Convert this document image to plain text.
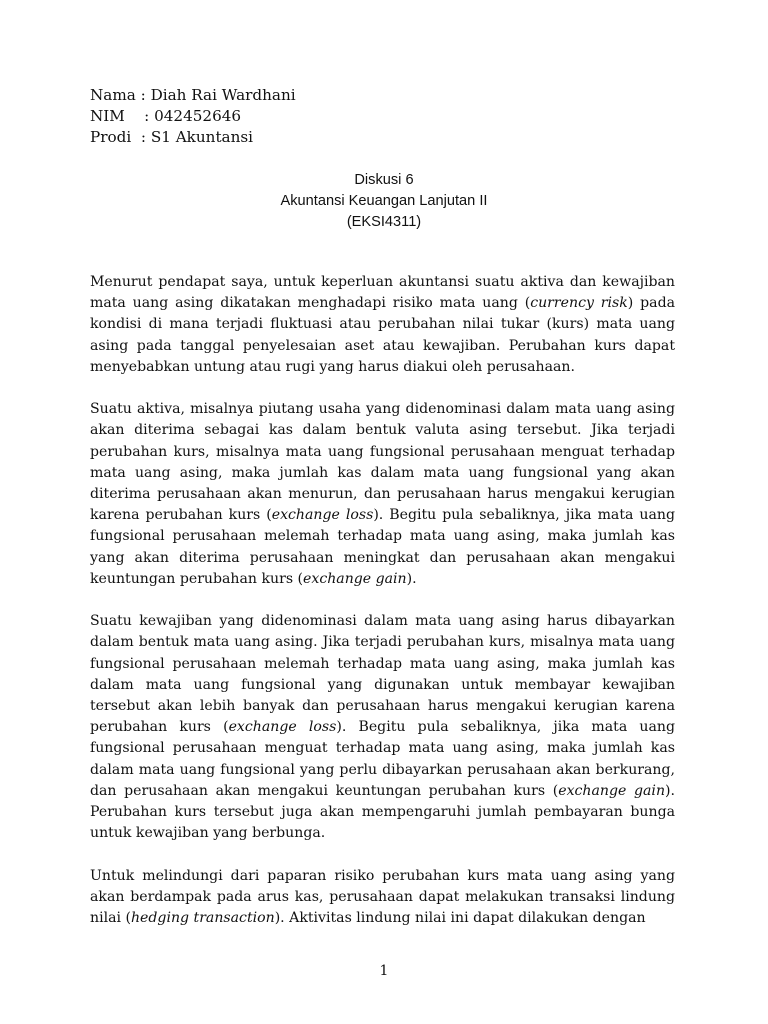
Nama : Diah Rai Wardhani
NIM    : 042452646
Prodi  : S1 Akuntansi
Diskusi 6
Akuntansi Keuangan Lanjutan II
(EKSI4311)

Menurut pendapat saya, untuk keperluan akuntansi suatu aktiva dan kewajiban mata uang asing dikatakan menghadapi risiko mata uang (currency risk) pada kondisi di mana terjadi fluktuasi atau perubahan nilai tukar (kurs) mata uang asing pada tanggal penyelesaian aset atau kewajiban. Perubahan kurs dapat menyebabkan untung atau rugi yang harus diakui oleh perusahaan.

Suatu aktiva, misalnya piutang usaha yang didenominasi dalam mata uang asing akan diterima sebagai kas dalam bentuk valuta asing tersebut. Jika terjadi perubahan kurs, misalnya mata uang fungsional perusahaan menguat terhadap mata uang asing, maka jumlah kas dalam mata uang fungsional yang akan diterima perusahaan akan menurun, dan perusahaan harus mengakui kerugian karena perubahan kurs (exchange loss). Begitu pula sebaliknya, jika mata uang fungsional perusahaan melemah terhadap mata uang asing, maka jumlah kas yang akan diterima perusahaan meningkat dan perusahaan akan mengakui keuntungan perubahan kurs (exchange gain).

Suatu kewajiban yang didenominasi dalam mata uang asing harus dibayarkan dalam bentuk mata uang asing. Jika terjadi perubahan kurs, misalnya mata uang fungsional perusahaan melemah terhadap mata uang asing, maka jumlah kas dalam mata uang fungsional yang digunakan untuk membayar kewajiban tersebut akan lebih banyak dan perusahaan harus mengakui kerugian karena perubahan kurs (exchange loss). Begitu pula sebaliknya, jika mata uang fungsional perusahaan menguat terhadap mata uang asing, maka jumlah kas dalam mata uang fungsional yang perlu dibayarkan perusahaan akan berkurang, dan perusahaan akan mengakui keuntungan perubahan kurs (exchange gain). Perubahan kurs tersebut juga akan mempengaruhi jumlah pembayaran bunga untuk kewajiban yang berbunga.

Untuk melindungi dari paparan risiko perubahan kurs mata uang asing yang akan berdampak pada arus kas, perusahaan dapat melakukan transaksi lindung nilai (hedging transaction). Aktivitas lindung nilai ini dapat dilakukan dengan

1
